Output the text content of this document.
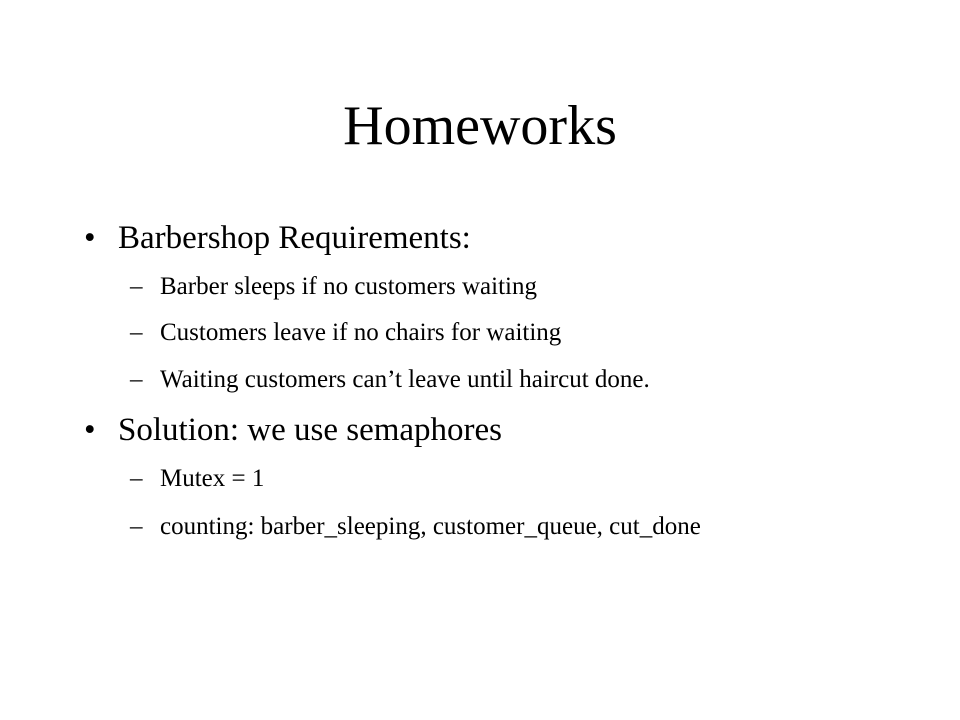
Homeworks
• Barbershop Requirements:
– Barber sleeps if no customers waiting
– Customers leave if no chairs for waiting
– Waiting customers can’t leave until haircut done.
• Solution: we use semaphores
– Mutex = 1
– counting: barber_sleeping, customer_queue, cut_done
